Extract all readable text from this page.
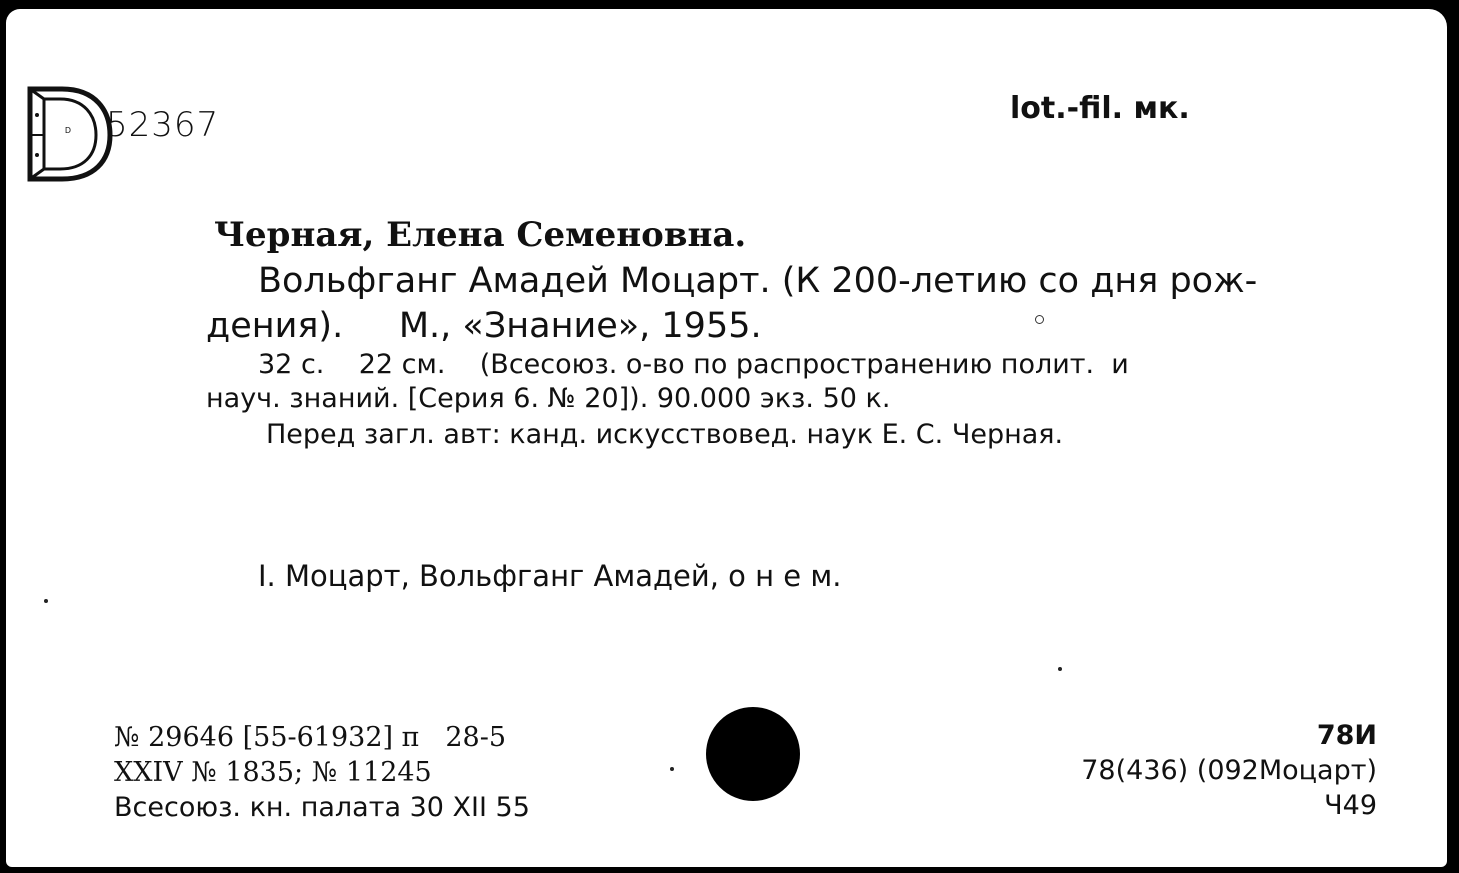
D 52367	lot.-fil. мк.
Черная, Елена Семеновна.
Вольфганг Амадей Моцарт. (К 200-летию со дня рож-
дения).     М., «Знание», 1955.
32 с.    22 см.    (Всесоюз. о-во по распространению полит.  и
науч. знаний. [Серия 6. № 20]). 90.000 экз. 50 к.
Перед загл. авт: канд. искусствовед. наук Е. С. Черная.
I. Моцарт, Вольфганг Амадей, о н е м.
№ 29646 [55-61932] п   28-5
XXIV № 1835; № 11245
Всесоюз. кн. палата 30 XII 55
78И
78(436) (092Моцарт)
Ч49
